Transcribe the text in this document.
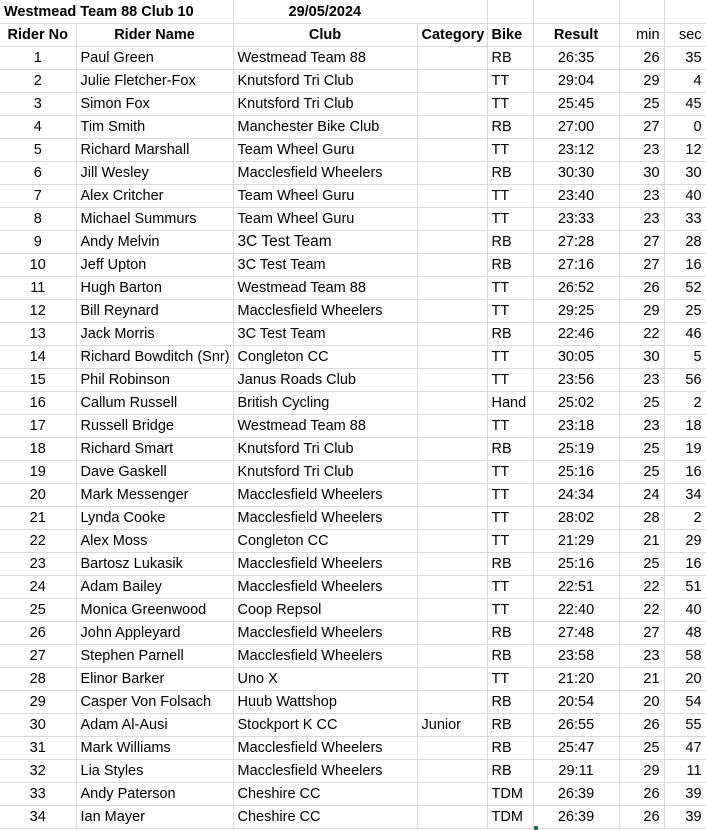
Westmead Team 88 Club 10		29/05/2024					
Rider No	Rider Name	Club	Category	Bike	Result	min	sec
1	Paul Green	Westmead Team 88		RB	26:35	26	35
2	Julie Fletcher-Fox	Knutsford Tri Club		TT	29:04	29	4
3	Simon Fox	Knutsford Tri Club		TT	25:45	25	45
4	Tim Smith	Manchester Bike Club		RB	27:00	27	0
5	Richard Marshall	Team Wheel Guru		TT	23:12	23	12
6	Jill Wesley	Macclesfield Wheelers		RB	30:30	30	30
7	Alex Critcher	Team Wheel Guru		TT	23:40	23	40
8	Michael Summurs	Team Wheel Guru		TT	23:33	23	33
9	Andy Melvin	3C Test Team		RB	27:28	27	28
10	Jeff Upton	3C Test Team		RB	27:16	27	16
11	Hugh Barton	Westmead Team 88		TT	26:52	26	52
12	Bill Reynard	Macclesfield Wheelers		TT	29:25	29	25
13	Jack Morris	3C Test Team		RB	22:46	22	46
14	Richard Bowditch (Snr)	Congleton CC		TT	30:05	30	5
15	Phil Robinson	Janus Roads Club		TT	23:56	23	56
16	Callum Russell	British Cycling		Hand	25:02	25	2
17	Russell Bridge	Westmead Team 88		TT	23:18	23	18
18	Richard Smart	Knutsford Tri Club		RB	25:19	25	19
19	Dave Gaskell	Knutsford Tri Club		TT	25:16	25	16
20	Mark Messenger	Macclesfield Wheelers		TT	24:34	24	34
21	Lynda Cooke	Macclesfield Wheelers		TT	28:02	28	2
22	Alex Moss	Congleton CC		TT	21:29	21	29
23	Bartosz Lukasik	Macclesfield Wheelers		RB	25:16	25	16
24	Adam Bailey	Macclesfield Wheelers		TT	22:51	22	51
25	Monica Greenwood	Coop Repsol		TT	22:40	22	40
26	John Appleyard	Macclesfield Wheelers		RB	27:48	27	48
27	Stephen Parnell	Macclesfield Wheelers		RB	23:58	23	58
28	Elinor Barker	Uno X		TT	21:20	21	20
29	Casper Von Folsach	Huub Wattshop		RB	20:54	20	54
30	Adam Al-Ausi	Stockport K CC	Junior	RB	26:55	26	55
31	Mark Williams	Macclesfield Wheelers		RB	25:47	25	47
32	Lia Styles	Macclesfield Wheelers		RB	29:11	29	11
33	Andy Paterson	Cheshire CC		TDM	26:39	26	39
34	Ian Mayer	Cheshire CC		TDM	26:39	26	39
